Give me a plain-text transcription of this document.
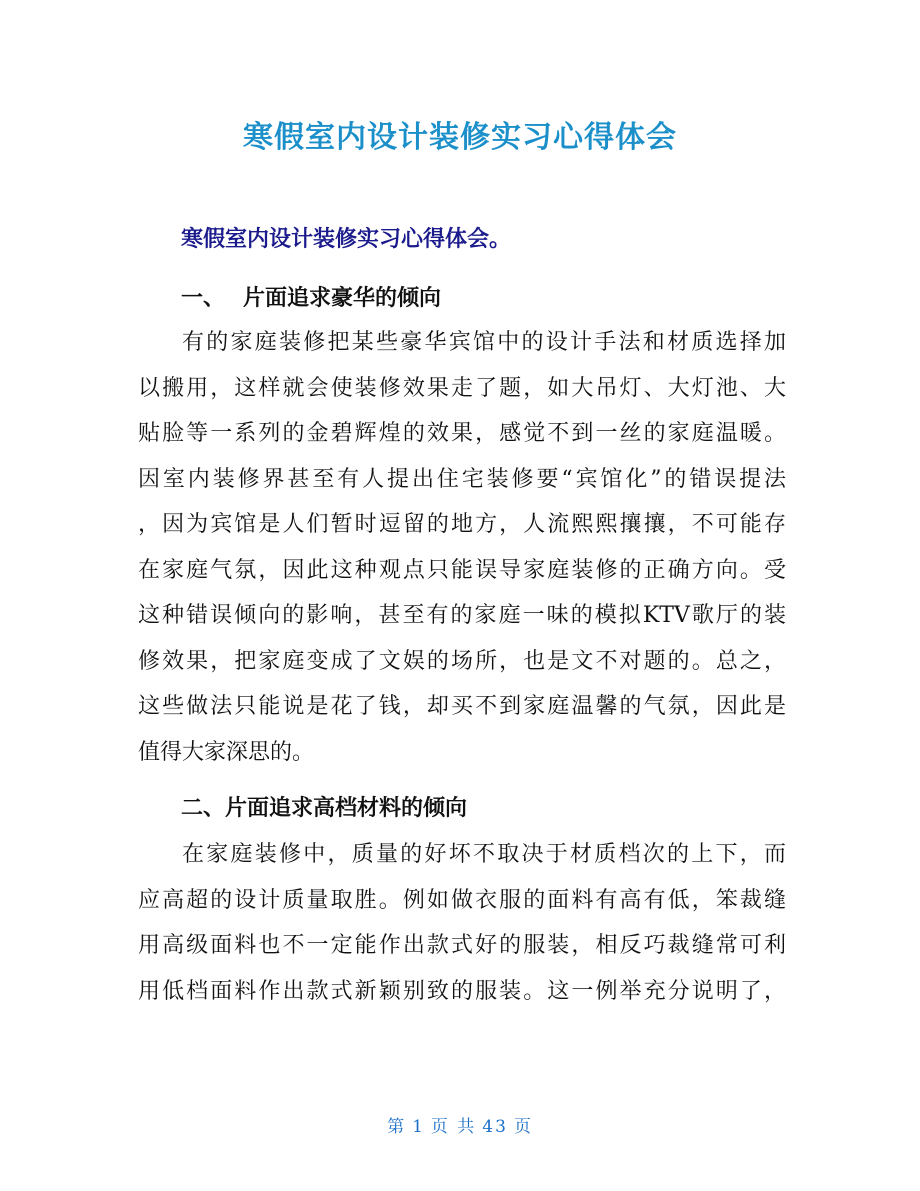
寒假室内设计装修实习心得体会
寒假室内设计装修实习心得体会。
一、 片面追求豪华的倾向
有的家庭装修把某些豪华宾馆中的设计手法和材质选择加
以搬用，这样就会使装修效果走了题，如大吊灯、大灯池、大
贴脸等一系列的金碧辉煌的效果，感觉不到一丝的家庭温暖。
因室内装修界甚至有人提出住宅装修要“宾馆化”的错误提法
，因为宾馆是人们暂时逗留的地方，人流熙熙攘攘，不可能存
在家庭气氛，因此这种观点只能误导家庭装修的正确方向。受
这种错误倾向的影响，甚至有的家庭一味的模拟KTV歌厅的装
修效果，把家庭变成了文娱的场所，也是文不对题的。总之，
这些做法只能说是花了钱，却买不到家庭温馨的气氛，因此是
值得大家深思的。
二、片面追求高档材料的倾向
在家庭装修中，质量的好坏不取决于材质档次的上下，而
应高超的设计质量取胜。例如做衣服的面料有高有低，笨裁缝
用高级面料也不一定能作出款式好的服装，相反巧裁缝常可利
用低档面料作出款式新颖别致的服装。这一例举充分说明了，
第 1 页 共 43 页
